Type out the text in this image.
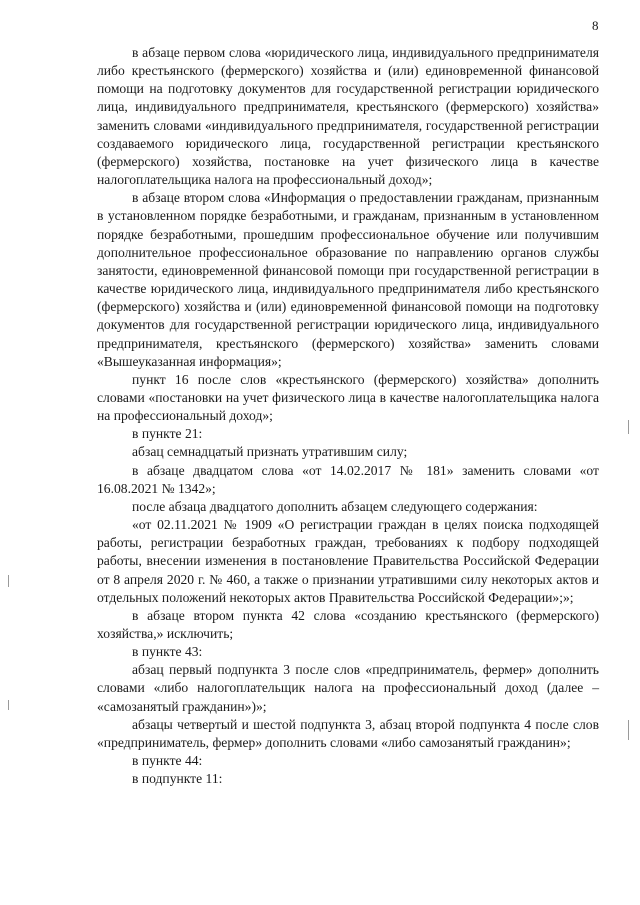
8

в абзаце первом слова «юридического лица, индивидуального предпринимателя либо крестьянского (фермерского) хозяйства и (или) единовременной финансовой помощи на подготовку документов для государственной регистрации юридического лица, индивидуального предпринимателя, крестьянского (фермерского) хозяйства» заменить словами «индивидуального предпринимателя, государственной регистрации создаваемого юридического лица, государственной регистрации крестьянского (фермерского) хозяйства, постановке на учет физического лица в качестве налогоплательщика налога на профессиональный доход»;

в абзаце втором слова «Информация о предоставлении гражданам, признанным в установленном порядке безработными, и гражданам, признанным в установленном порядке безработными, прошедшим профессиональное обучение или получившим дополнительное профессиональное образование по направлению органов службы занятости, единовременной финансовой помощи при государственной регистрации в качестве юридического лица, индивидуального предпринимателя либо крестьянского (фермерского) хозяйства и (или) единовременной финансовой помощи на подготовку документов для государственной регистрации юридического лица, индивидуального предпринимателя, крестьянского (фермерского) хозяйства» заменить словами «Вышеуказанная информация»;

пункт 16 после слов «крестьянского (фермерского) хозяйства» дополнить словами «постановки на учет физического лица в качестве налогоплательщика налога на профессиональный доход»;

в пункте 21:

абзац семнадцатый признать утратившим силу;

в абзаце двадцатом слова «от 14.02.2017 № 181» заменить словами «от 16.08.2021 № 1342»;

после абзаца двадцатого дополнить абзацем следующего содержания:

«от 02.11.2021 № 1909 «О регистрации граждан в целях поиска подходящей работы, регистрации безработных граждан, требованиях к подбору подходящей работы, внесении изменения в постановление Правительства Российской Федерации от 8 апреля 2020 г. № 460, а также о признании утратившими силу некоторых актов и отдельных положений некоторых актов Правительства Российской Федерации»;»;

в абзаце втором пункта 42 слова «созданию крестьянского (фермерского) хозяйства,» исключить;

в пункте 43:

абзац первый подпункта 3 после слов «предприниматель, фермер» дополнить словами «либо налогоплательщик налога на профессиональный доход (далее – «самозанятый гражданин»)»;

абзацы четвертый и шестой подпункта 3, абзац второй подпункта 4 после слов «предприниматель, фермер» дополнить словами «либо самозанятый гражданин»;

в пункте 44:

в подпункте 11:
